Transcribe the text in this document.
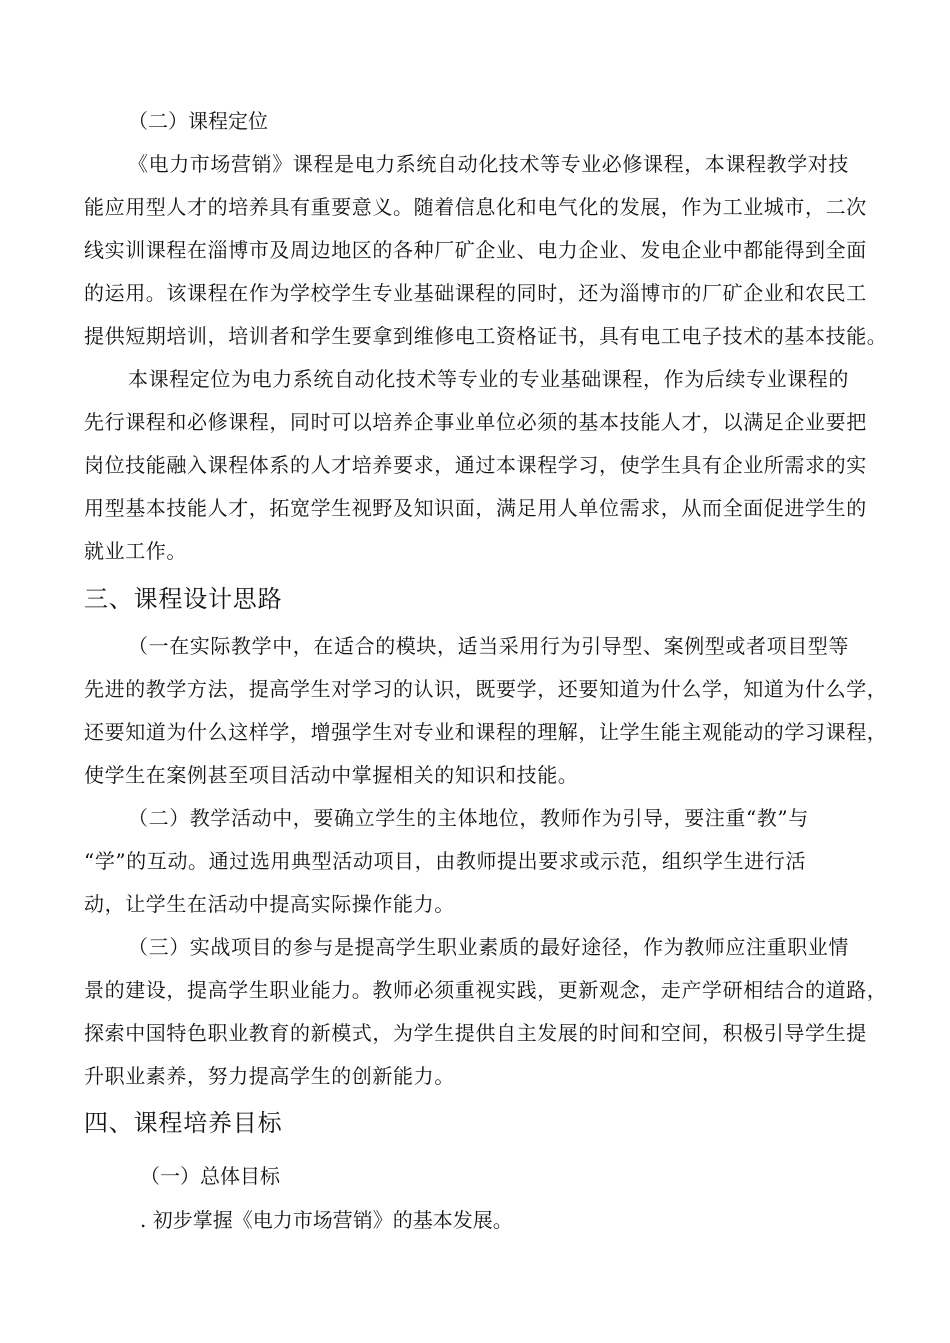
（二）课程定位
《电力市场营销》课程是电力系统自动化技术等专业必修课程，本课程教学对技
能应用型人才的培养具有重要意义。随着信息化和电气化的发展，作为工业城市，二次
线实训课程在淄博市及周边地区的各种厂矿企业、电力企业、发电企业中都能得到全面
的运用。该课程在作为学校学生专业基础课程的同时，还为淄博市的厂矿企业和农民工
提供短期培训，培训者和学生要拿到维修电工资格证书，具有电工电子技术的基本技能。
本课程定位为电力系统自动化技术等专业的专业基础课程，作为后续专业课程的
先行课程和必修课程，同时可以培养企事业单位必须的基本技能人才，以满足企业要把
岗位技能融入课程体系的人才培养要求，通过本课程学习，使学生具有企业所需求的实
用型基本技能人才，拓宽学生视野及知识面，满足用人单位需求，从而全面促进学生的
就业工作。
三、课程设计思路
（一在实际教学中，在适合的模块，适当采用行为引导型、案例型或者项目型等
先进的教学方法，提高学生对学习的认识，既要学，还要知道为什么学，知道为什么学，
还要知道为什么这样学，增强学生对专业和课程的理解，让学生能主观能动的学习课程，
使学生在案例甚至项目活动中掌握相关的知识和技能。
（二）教学活动中，要确立学生的主体地位，教师作为引导，要注重“教”与
“学”的互动。通过选用典型活动项目，由教师提出要求或示范，组织学生进行活
动，让学生在活动中提高实际操作能力。
（三）实战项目的参与是提高学生职业素质的最好途径，作为教师应注重职业情
景的建设，提高学生职业能力。教师必须重视实践，更新观念，走产学研相结合的道路，
探索中国特色职业教育的新模式，为学生提供自主发展的时间和空间，积极引导学生提
升职业素养，努力提高学生的创新能力。
四、课程培养目标
（一）总体目标
. 初步掌握《电力市场营销》的基本发展。
